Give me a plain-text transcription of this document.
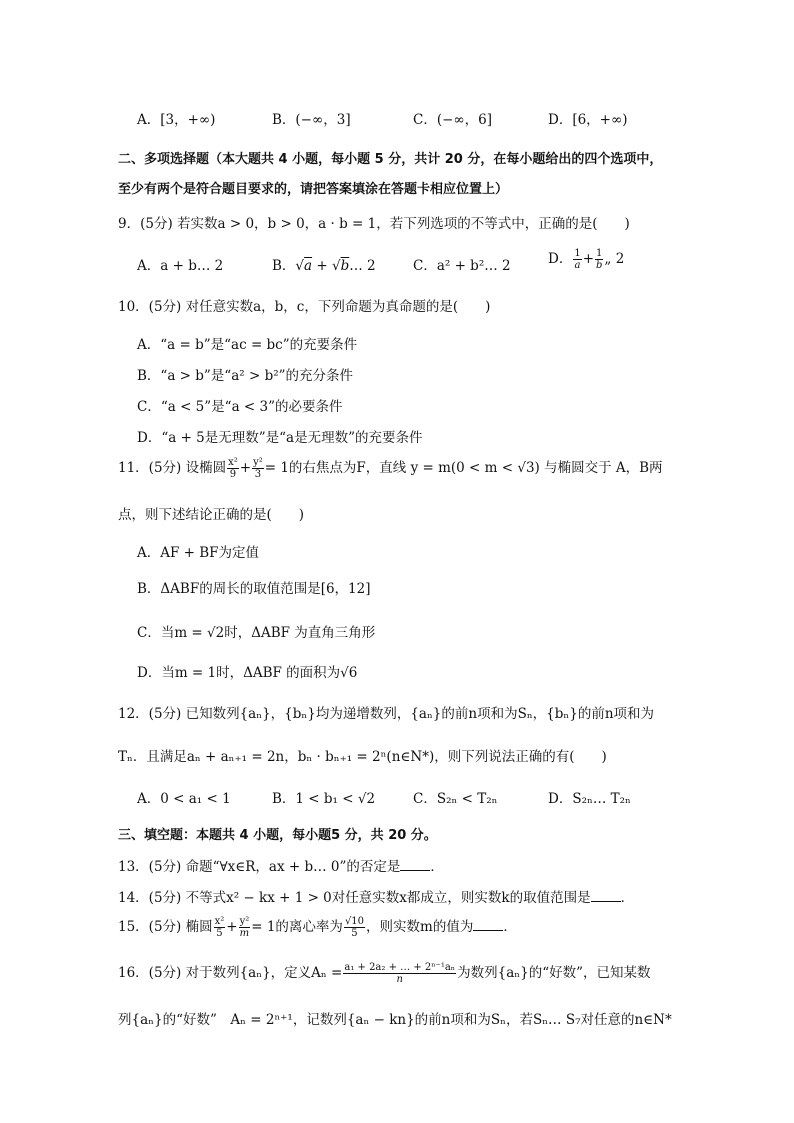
A．[3，+∞)	B．(−∞，3]	C．(−∞，6]	D．[6，+∞)
二、多项选择题（本大题共 4 小题，每小题 5 分，共计 20 分，在每小题给出的四个选项中，
至少有两个是符合题目要求的，请把答案填涂在答题卡相应位置上）
9．(5分) 若实数a > 0，b > 0，a · b = 1，若下列选项的不等式中，正确的是(　　)
A．a + b… 2	B．√a + √b… 2	C．a² + b²… 2	D． $\frac{1}{a} + \frac{1}{b}$ „ 2
10．(5分) 对任意实数a，b，c，下列命题为真命题的是(　　)
A．“a = b”是“ac = bc”的充要条件
B．“a > b”是“a² > b²”的充分条件
C．“a < 5”是“a < 3”的必要条件
D．“a + 5是无理数”是“a是无理数”的充要条件
11．(5分) 设椭圆 $\frac{\text{x²}}{9} + \frac{\text{y²}}{3} = 1$的右焦点为F，直线 y = m(0 < m < √3) 与椭圆交于 A，B两
点，则下述结论正确的是(　　)
A．AF + BF为定值
B．ΔABF的周长的取值范围是[6，12]
C．当m = √2时，ΔABF 为直角三角形
D．当m = 1时，ΔABF 的面积为√6
12．(5分) 已知数列{aₙ}，{bₙ}均为递增数列，{aₙ}的前n项和为Sₙ，{bₙ}的前n项和为
Tₙ．且满足aₙ + aₙ₊₁ = 2n，bₙ · bₙ₊₁ = 2ⁿ(n∈N*)，则下列说法正确的有(　　)
A．0 < a₁ < 1	B．1 < b₁ < √2	C．S₂ₙ < T₂ₙ	D．S₂ₙ… T₂ₙ
三、填空题：本题共 4 小题，每小题5 分，共 20 分。
13．(5分) 命题“∀x∈R，ax + b… 0”的否定是 ．
14．(5分) 不等式x² − kx + 1 > 0对任意实数x都成立，则实数k的取值范围是 ．
15．(5分) 椭圆 $\frac{\text{x²}}{5} + \frac{\text{y²}}{m} = 1$的离心率为 $\frac{√10}{5}$ ，则实数m的值为 ．
16．(5分) 对于数列{aₙ}，定义$A_n = \frac{\text{a₁ + 2a₂ + … + 2ⁿ⁻¹aₙ}}{n}$ 为数列{aₙ}的“好数”，已知某数
列{aₙ}的“好数”　Aₙ = 2ⁿ⁺¹，记数列{aₙ − kn}的前n项和为Sₙ，若Sₙ… S₇对任意的n∈N*
